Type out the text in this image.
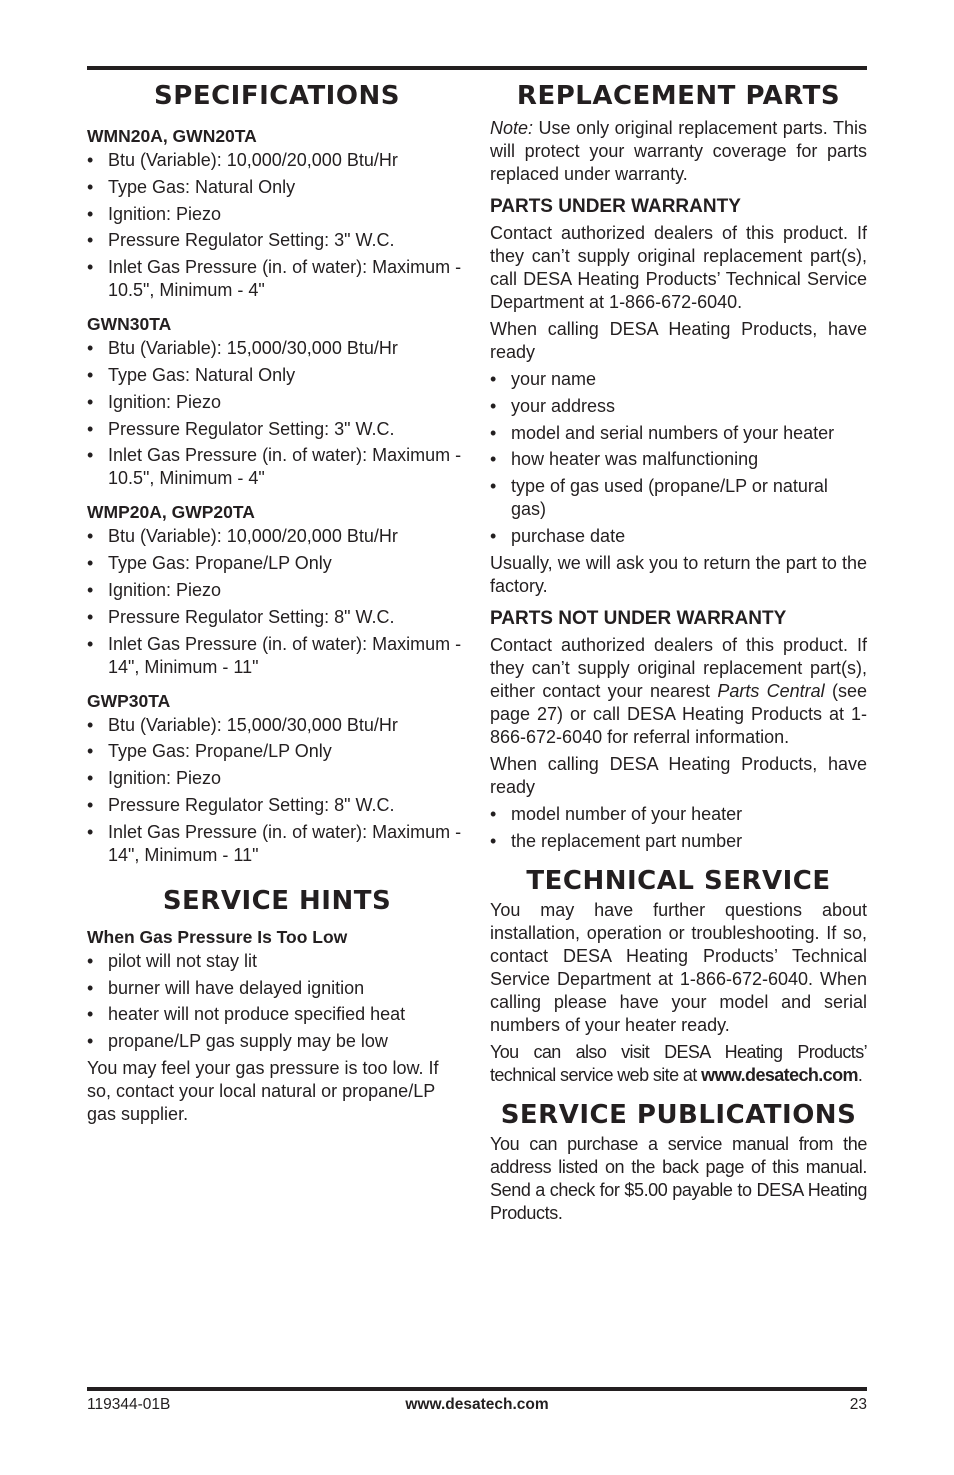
SPECIFICATIONS
WMN20A, GWN20TA
• Btu (Variable): 10,000/20,000 Btu/Hr
• Type Gas: Natural Only
• Ignition: Piezo
• Pressure Regulator Setting: 3" W.C.
• Inlet Gas Pressure (in. of water): Maximum - 10.5", Minimum - 4"
GWN30TA
• Btu (Variable): 15,000/30,000 Btu/Hr
• Type Gas: Natural Only
• Ignition: Piezo
• Pressure Regulator Setting: 3" W.C.
• Inlet Gas Pressure (in. of water): Maximum - 10.5", Minimum - 4"
WMP20A, GWP20TA
• Btu (Variable): 10,000/20,000 Btu/Hr
• Type Gas: Propane/LP Only
• Ignition: Piezo
• Pressure Regulator Setting: 8" W.C.
• Inlet Gas Pressure (in. of water): Maximum - 14", Minimum - 11"
GWP30TA
• Btu (Variable): 15,000/30,000 Btu/Hr
• Type Gas: Propane/LP Only
• Ignition: Piezo
• Pressure Regulator Setting: 8" W.C.
• Inlet Gas Pressure (in. of water): Maximum - 14", Minimum - 11"
SERVICE HINTS
When Gas Pressure Is Too Low
• pilot will not stay lit
• burner will have delayed ignition
• heater will not produce specified heat
• propane/LP gas supply may be low

You may feel your gas pressure is too low. If so, contact your local natural or propane/LP gas supplier.

REPLACEMENT PARTS

Note: Use only original replacement parts. This will protect your warranty coverage for parts replaced under warranty.

PARTS UNDER WARRANTY

Contact authorized dealers of this product. If they can’t supply original replacement part(s), call DESA Heating Products’ Technical Service Department at 1-866-672-6040.

When calling DESA Heating Products, have ready

• your name
• your address
• model and serial numbers of your heater
• how heater was malfunctioning
• type of gas used (propane/LP or natural gas)
• purchase date

Usually, we will ask you to return the part to the factory.

PARTS NOT UNDER WARRANTY

Contact authorized dealers of this product. If they can’t supply original replacement part(s), either contact your nearest Parts Central (see page 27) or call DESA Heating Products at 1-866-672-6040 for referral information.

When calling DESA Heating Products, have ready

• model number of your heater
• the replacement part number
TECHNICAL SERVICE

You may have further questions about installation, operation or troubleshooting. If so, contact DESA Heating Products’ Technical Service Department at 1-866-672-6040. When calling please have your model and serial numbers of your heater ready.

You can also visit DESA Heating Products’ technical service web site at www.desatech.com.

SERVICE PUBLICATIONS

You can purchase a service manual from the address listed on the back page of this manual. Send a check for $5.00 payable to DESA Heating Products.

119344-01B	www.desatech.com	23
